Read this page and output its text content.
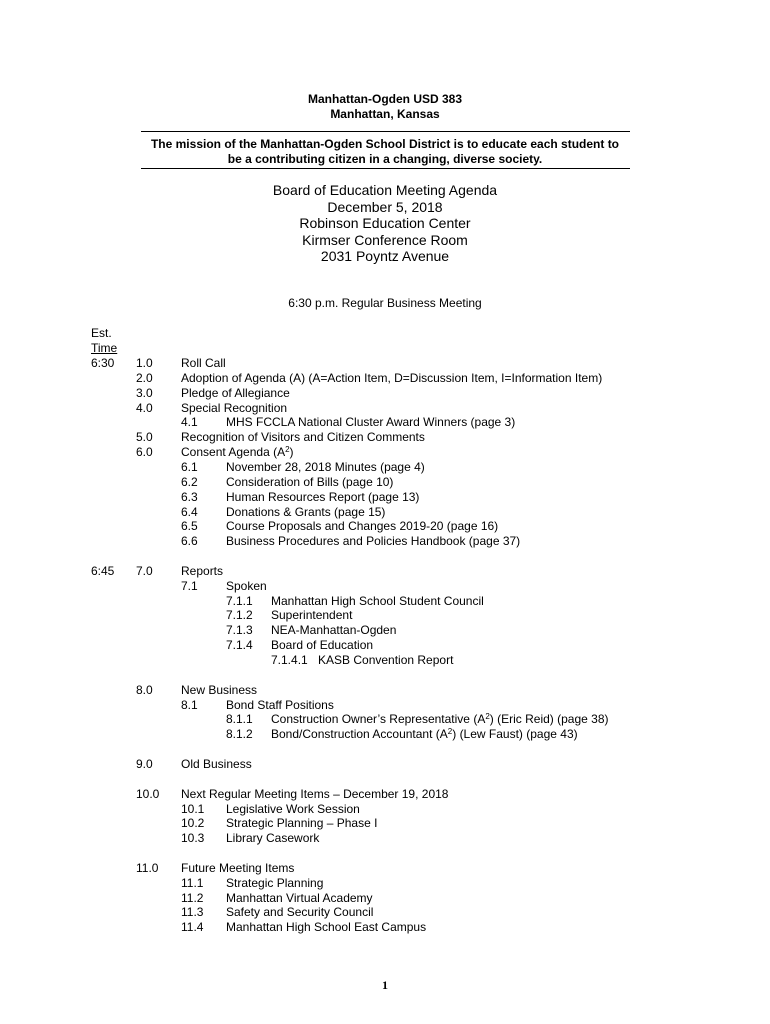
Manhattan-Ogden USD 383
Manhattan, Kansas
The mission of the Manhattan-Ogden School District is to educate each student to
be a contributing citizen in a changing, diverse society.
Board of Education Meeting Agenda
December 5, 2018
Robinson Education Center
Kirmser Conference Room
2031 Poyntz Avenue
6:30 p.m. Regular Business Meeting
Est.
Time
6:30 1.0 Roll Call
2.0 Adoption of Agenda (A) (A=Action Item, D=Discussion Item, I=Information Item)
3.0 Pledge of Allegiance
4.0 Special Recognition
4.1 MHS FCCLA National Cluster Award Winners (page 3)
5.0 Recognition of Visitors and Citizen Comments
6.0 Consent Agenda $(A^2)$
6.1 November 28, 2018 Minutes (page 4)
6.2 Consideration of Bills (page 10)
6.3 Human Resources Report (page 13)
6.4 Donations & Grants (page 15)
6.5 Course Proposals and Changes 2019-20 (page 16)
6.6 Business Procedures and Policies Handbook (page 37)
6:45 7.0 Reports
7.1 Spoken
7.1.1 Manhattan High School Student Council
7.1.2 Superintendent
7.1.3 NEA-Manhattan-Ogden
7.1.4 Board of Education
7.1.4.1 KASB Convention Report
8.0 New Business
8.1 Bond Staff Positions
8.1.1 Construction Owner’s Representative $(A^2)$ (Eric Reid) (page 38)
8.1.2 Bond/Construction Accountant $(A^2)$ (Lew Faust) (page 43)
9.0 Old Business
10.0 Next Regular Meeting Items – December 19, 2018
10.1 Legislative Work Session
10.2 Strategic Planning – Phase I
10.3 Library Casework
11.0 Future Meeting Items
11.1 Strategic Planning
11.2 Manhattan Virtual Academy
11.3 Safety and Security Council
11.4 Manhattan High School East Campus
1
